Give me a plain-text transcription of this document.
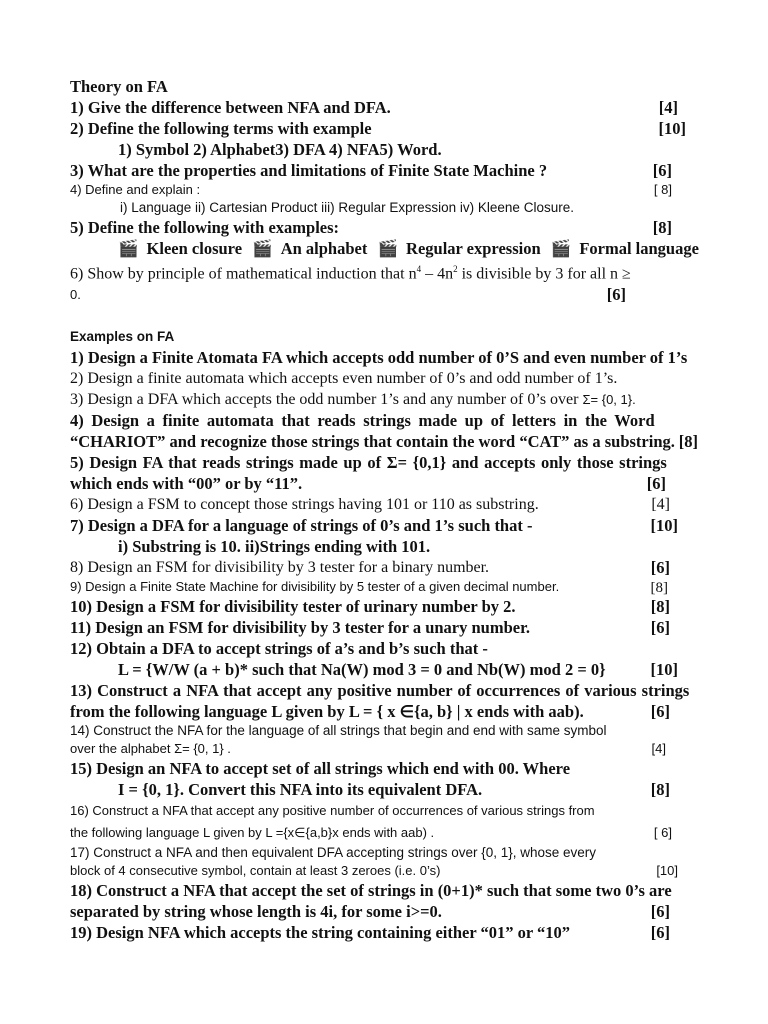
Theory on FA
1) Give the difference between NFA and DFA.	[4]
2) Define the following terms with example	[10]
1) Symbol 2) Alphabet3) DFA 4) NFA5) Word.
3) What are the properties and limitations of Finite State Machine ?	[6]
4) Define and explain :	[ 8]
i) Language ii) Cartesian Product iii) Regular Expression iv) Kleene Closure.
5) Define the following with examples:	[8]
🎬 Kleen closure 🎬 An alphabet 🎬 Regular expression 🎬 Formal language
6) Show by principle of mathematical induction that $n^4 - 4n^2$ is divisible by 3 for all n ≥
0.	[6]
Examples on FA
1) Design a Finite Atomata FA which accepts odd number of 0’S and even number of 1’s
2) Design a finite automata which accepts even number of 0’s and odd number of 1’s.
3) Design a DFA which accepts the odd number 1’s and any number of 0’s over Σ= {0, 1}.
4) Design a finite automata that reads strings made up of letters in the Word
“CHARIOT” and recognize those strings that contain the word “CAT” as a substring. [8]
5) Design FA that reads strings made up of Σ= {0,1} and accepts only those strings
which ends with “00” or by “11”.	[6]
6) Design a FSM to concept those strings having 101 or 110 as substring.	[4]
7) Design a DFA for a language of strings of 0’s and 1’s such that -	[10]
i) Substring is 10. ii)Strings ending with 101.
8) Design an FSM for divisibility by 3 tester for a binary number.	[6]
9) Design a Finite State Machine for divisibility by 5 tester of a given decimal number.	[8]
10) Design a FSM for divisibility tester of urinary number by 2.	[8]
11) Design an FSM for divisibility by 3 tester for a unary number.	[6]
12) Obtain a DFA to accept strings of a’s and b’s such that -
L = {W/W (a + b)* such that Na(W) mod 3 = 0 and Nb(W) mod 2 = 0}	[10]
13) Construct a NFA that accept any positive number of occurrences of various strings
from the following language L given by L = { x ∈{a, b} | x ends with aab).	[6]
14) Construct the NFA for the language of all strings that begin and end with same symbol
over the alphabet Σ= {0, 1} .	[4]
15) Design an NFA to accept set of all strings which end with 00. Where
I = {0, 1}. Convert this NFA into its equivalent DFA.	[8]
16) Construct a NFA that accept any positive number of occurrences of various strings from
the following language L given by L ={x∈{a,b}x ends with aab) .	[ 6]
17) Construct a NFA and then equivalent DFA accepting strings over {0, 1}, whose every
block of 4 consecutive symbol, contain at least 3 zeroes (i.e. 0’s)	[10]
18) Construct a NFA that accept the set of strings in (0+1)* such that some two 0’s are
separated by string whose length is 4i, for some i>=0.	[6]
19) Design NFA which accepts the string containing either “01” or “10”	[6]
